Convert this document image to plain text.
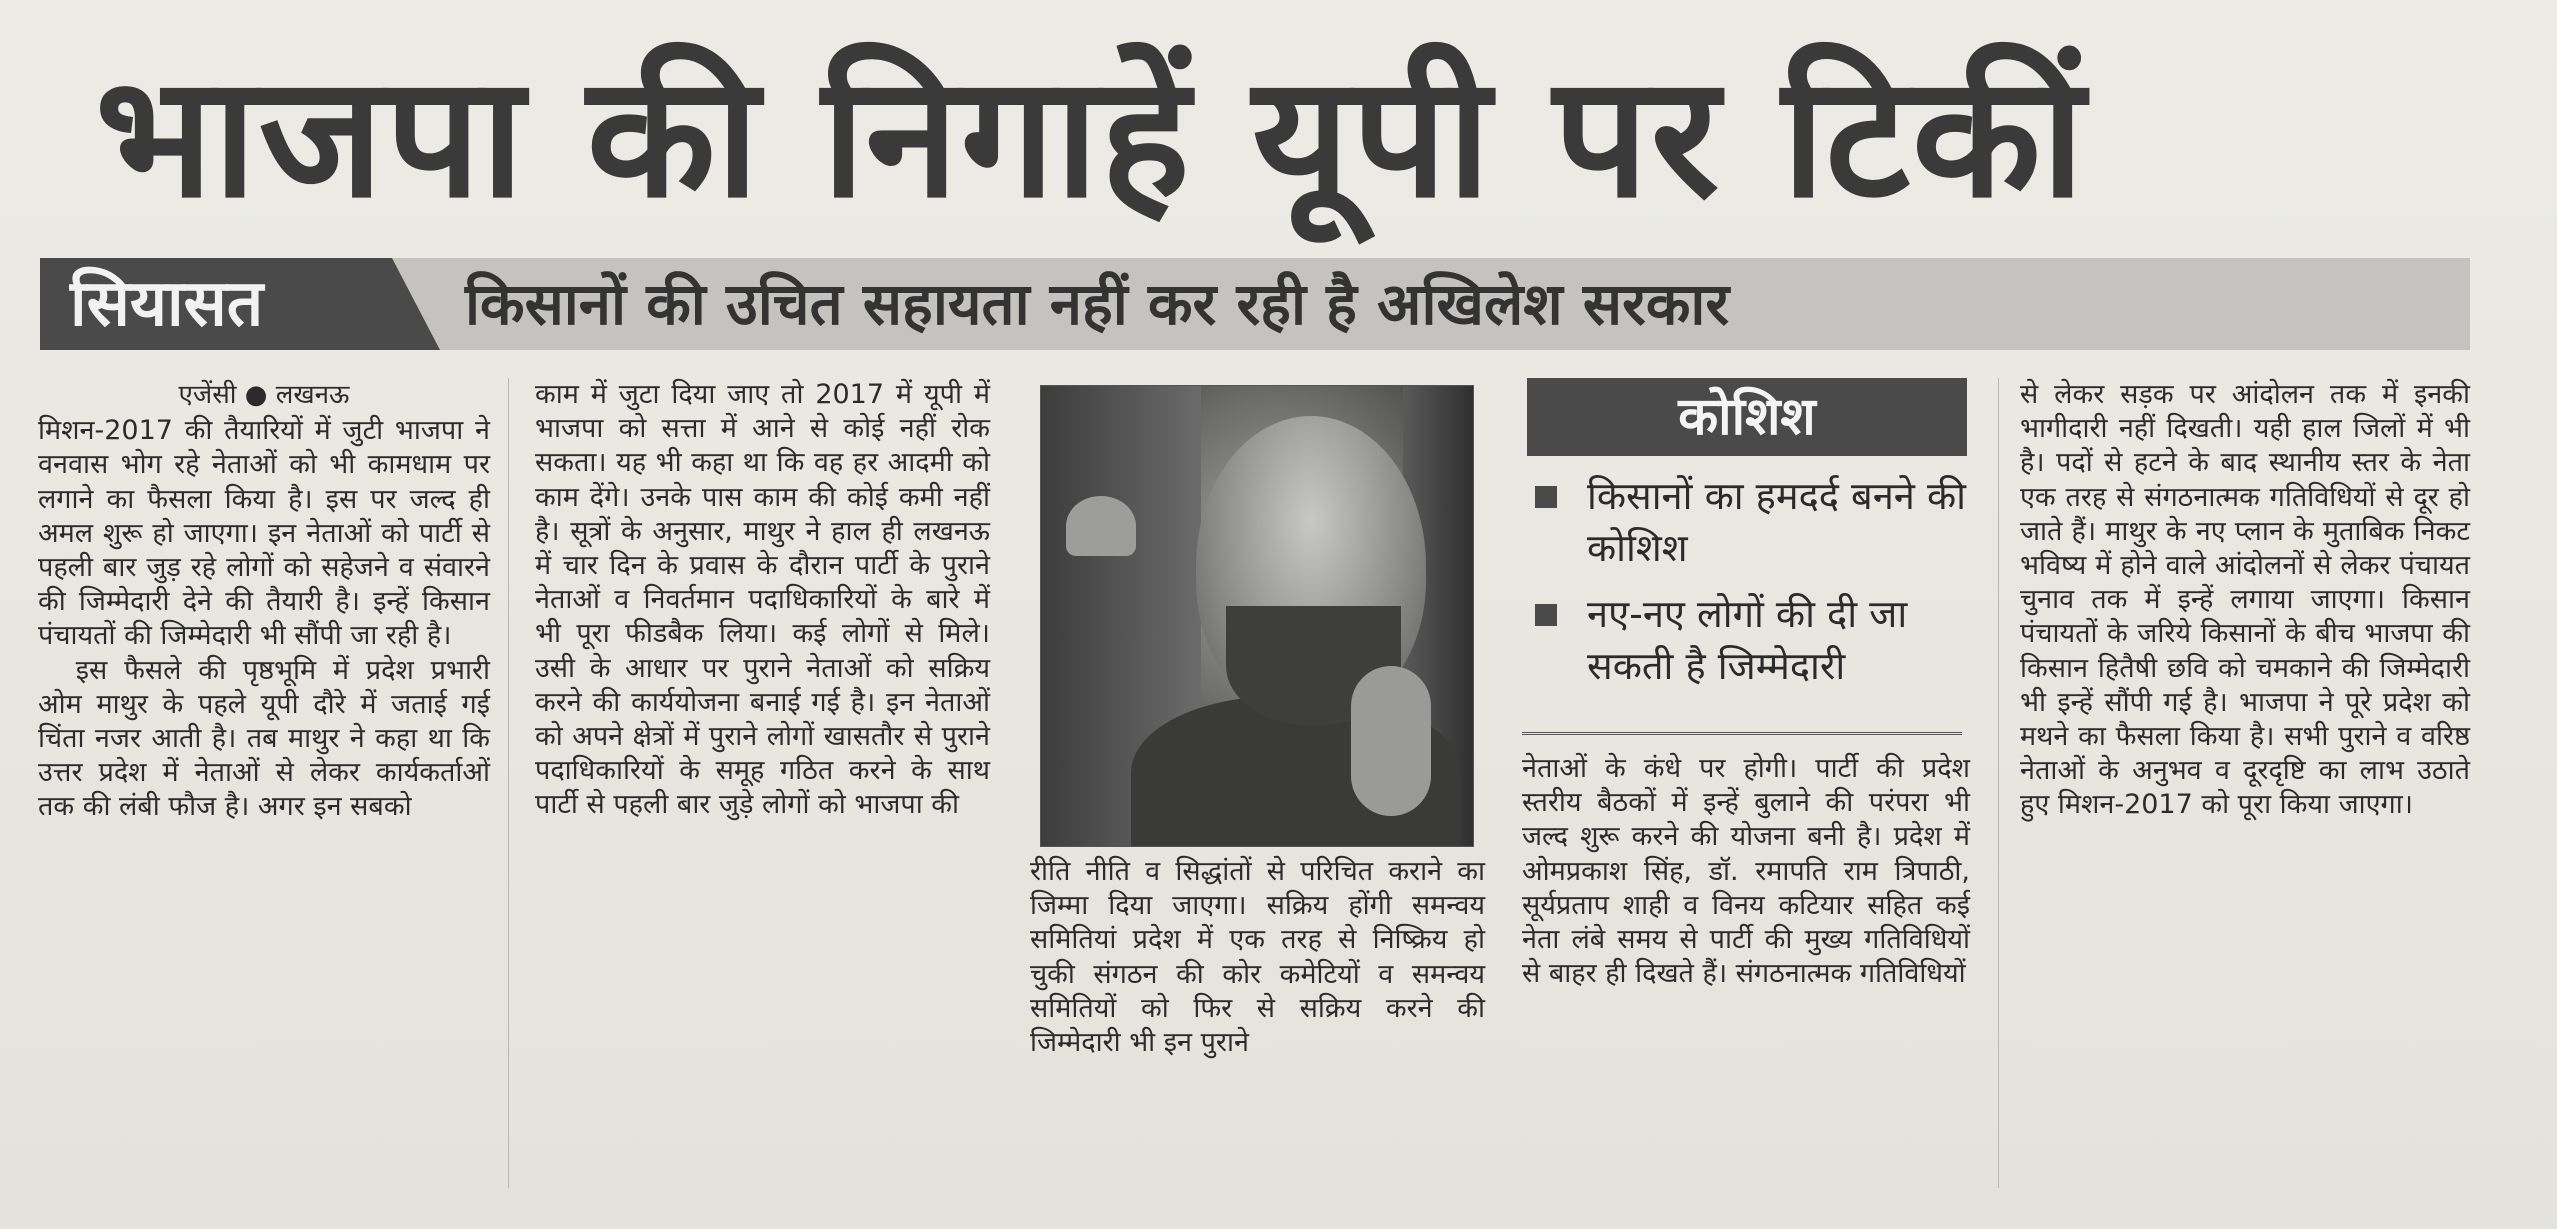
भाजपा की निगाहें यूपी पर टिकीं
सियासत	किसानों की उचित सहायता नहीं कर रही है अखिलेश सरकार

एजेंसी ● लखनऊ

मिशन-2017 की तैयारियों में जुटी भाजपा ने वनवास भोग रहे नेताओं को भी कामधाम पर लगाने का फैसला किया है। इस पर जल्द ही अमल शुरू हो जाएगा। इन नेताओं को पार्टी से पहली बार जुड़ रहे लोगों को सहेजने व संवारने की जिम्मेदारी देने की तैयारी है। इन्हें किसान पंचायतों की जिम्मेदारी भी सौंपी जा रही है।

इस फैसले की पृष्ठभूमि में प्रदेश प्रभारी ओम माथुर के पहले यूपी दौरे में जताई गई चिंता नजर आती है। तब माथुर ने कहा था कि उत्तर प्रदेश में नेताओं से लेकर कार्यकर्ताओं तक की लंबी फौज है। अगर इन सबको

काम में जुटा दिया जाए तो 2017 में यूपी में भाजपा को सत्ता में आने से कोई नहीं रोक सकता। यह भी कहा था कि वह हर आदमी को काम देंगे। उनके पास काम की कोई कमी नहीं है। सूत्रों के अनुसार, माथुर ने हाल ही लखनऊ में चार दिन के प्रवास के दौरान पार्टी के पुराने नेताओं व निवर्तमान पदाधिकारियों के बारे में भी पूरा फीडबैक लिया। कई लोगों से मिले। उसी के आधार पर पुराने नेताओं को सक्रिय करने की कार्ययोजना बनाई गई है। इन नेताओं को अपने क्षेत्रों में पुराने लोगों खासतौर से पुराने पदाधिकारियों के समूह गठित करने के साथ पार्टी से पहली बार जुड़े लोगों को भाजपा की

रीति नीति व सिद्धांतों से परिचित कराने का जिम्मा दिया जाएगा। सक्रिय होंगी समन्वय समितियां प्रदेश में एक तरह से निष्क्रिय हो चुकी संगठन की कोर कमेटियों व समन्वय समितियों को फिर से सक्रिय करने की जिम्मेदारी भी इन पुराने

कोशिश
किसानों का हमदर्द बनने की कोशिश
नए-नए लोगों की दी जा सकती है जिम्मेदारी

नेताओं के कंधे पर होगी। पार्टी की प्रदेश स्तरीय बैठकों में इन्हें बुलाने की परंपरा भी जल्द शुरू करने की योजना बनी है। प्रदेश में ओमप्रकाश सिंह, डॉ. रमापति राम त्रिपाठी, सूर्यप्रताप शाही व विनय कटियार सहित कई नेता लंबे समय से पार्टी की मुख्य गतिविधियों से बाहर ही दिखते हैं। संगठनात्मक गतिविधियों

से लेकर सड़क पर आंदोलन तक में इनकी भागीदारी नहीं दिखती। यही हाल जिलों में भी है। पदों से हटने के बाद स्थानीय स्तर के नेता एक तरह से संगठनात्मक गतिविधियों से दूर हो जाते हैं। माथुर के नए प्लान के मुताबिक निकट भविष्य में होने वाले आंदोलनों से लेकर पंचायत चुनाव तक में इन्हें लगाया जाएगा। किसान पंचायतों के जरिये किसानों के बीच भाजपा की किसान हितैषी छवि को चमकाने की जिम्मेदारी भी इन्हें सौंपी गई है। भाजपा ने पूरे प्रदेश को मथने का फैसला किया है। सभी पुराने व वरिष्ठ नेताओं के अनुभव व दूरदृष्टि का लाभ उठाते हुए मिशन-2017 को पूरा किया जाएगा।
